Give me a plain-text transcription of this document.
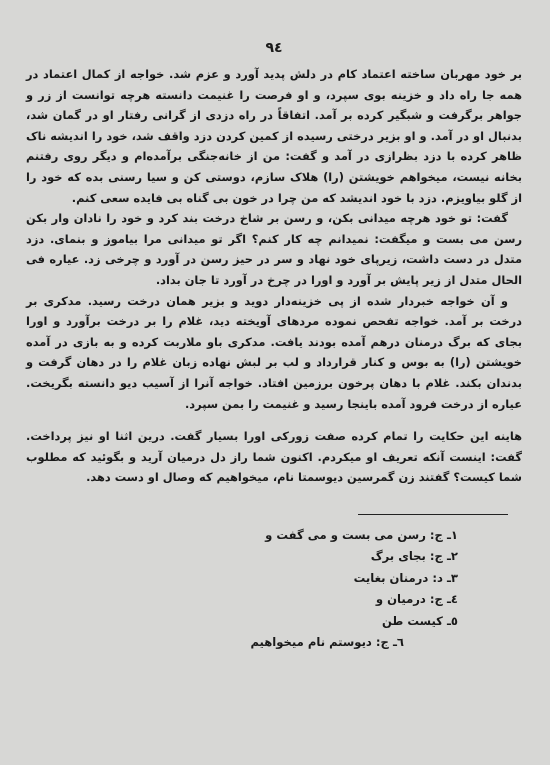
٩٤

بر خود مهربان ساخته اعتماد کام در دلش پدید آورد و عزم شد. خواجه از کمال اعتماد در همه جا راه داد و خزینه بوی سپرد، و او فرصت را غنیمت دانسته هرچه توانست از زر و جواهر برگرفت و شبگیر کرده بر آمد. اتفاقاً در راه دزدی از گرانی رفتار او در گمان شد، بدنبال او در آمد. و او بزیر درختی رسیده از کمین کردن دزد واقف شد، خود را اندیشه ناک ظاهر کرده با دزد بظرازی در آمد و گفت: من از خانه‌جنگی برآمده‌ام و دیگر روی رفتنم بخانه نیست، میخواهم خویشتن (را) هلاک سازم، دوستی کن و سیا رسنی بده که خود را از گلو بیاویزم. دزد با خود اندیشد که من چرا در خون بی گناه بی فایده سعی کنم.

گفت: تو خود هرچه میدانی بکن، و رسن بر شاخ درخت بند کرد و خود را نادان وار بکن رسن می بست و میگفت: نمیدانم چه کار کنم؟ اگر تو میدانی مرا بیاموز و بنمای. دزد متدل در دست داشت، زیرپای خود نهاد و سر در حیز رسن در آورد و چرخی زد. عیاره فی الحال متدل از زیر پایش بر آورد و اورا در چرخ در آورد تا جان بداد.

و آن خواجه خبردار شده از پی خزینه‌دار دوید و بزیر همان درخت رسید. مدکری بر درخت بر آمد. خواجه تفحص نموده مردهای آویخته دید، غلام را بر درخت برآورد و اورا بجای که برگ درمنان درهم آمده بودند یافت. مدکری باو ملاربت کرده و به بازی در آمده خویشتن (را) به بوس و کنار قرارداد و لب بر لبش نهاده زبان غلام را در دهان گرفت و بدندان بکند. غلام با دهان پرخون برزمین افتاد. خواجه آنرا از آسیب دیو دانسته بگریخت. عیاره از درخت فرود آمده باینجا رسید و غنیمت را بمن سپرد.

هاینه این حکایت را تمام کرده صفت زورکی اورا بسیار گفت. درین اثنا او نیز پرداخت. گفت: اینست آنکه تعریف او میکردم. اکنون شما راز دل درمیان آرید و بگوئید که مطلوب شما کیست؟ گفتند زن گمرسین دیوسمتا نام، میخواهیم که وصال او دست دهد.

١ـ ج: رسن می بست و می گفت و
٢ـ ج: بجای برگ
٣ـ د: درمنان بغایت
٤ـ ج: درمیان و
٥ـ کیست طن
٦ـ ج: دیوستم نام میخواهیم
